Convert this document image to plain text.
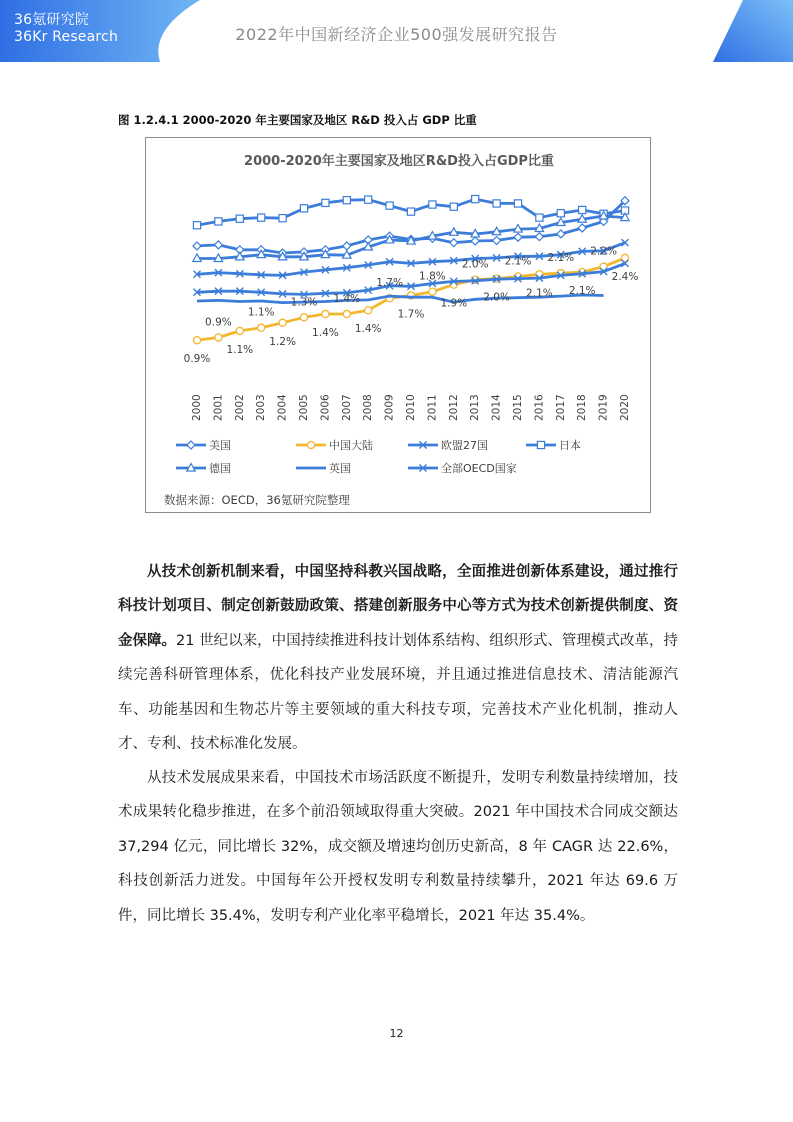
36氪研究院
36Kr Research	2022年中国新经济企业500强发展研究报告
图 1.2.4.1 2000-2020 年主要国家及地区 R&D 投入占 GDP 比重
2000-2020年主要国家及地区R&D投入占GDP比重
0.9%
0.9%
1.1%
1.1%
1.2%
1.3%
1.4%
1.4%
1.4%
1.7%
1.7%
1.8%
1.9%
2.0%
2.0%
2.1%
2.1%
2.1%
2.1%
2.2%
2.4%
2000 2001 2002 2003 2004 2005 2006 2007 2008 2009 2010 2011 2012 2013 2014 2015 2016 2017 2018 2019 2020
美国	中国大陆	欧盟27国	日本
德国	英国	全部OECD国家
数据来源：OECD，36氪研究院整理

从技术创新机制来看，中国坚持科教兴国战略，全面推进创新体系建设，通过推行科技计划项目、制定创新鼓励政策、搭建创新服务中心等方式为技术创新提供制度、资金保障。21 世纪以来，中国持续推进科技计划体系结构、组织形式、管理模式改革，持续完善科研管理体系，优化科技产业发展环境，并且通过推进信息技术、清洁能源汽车、功能基因和生物芯片等主要领域的重大科技专项，完善技术产业化机制，推动人才、专利、技术标准化发展。

从技术发展成果来看，中国技术市场活跃度不断提升，发明专利数量持续增加，技术成果转化稳步推进，在多个前沿领域取得重大突破。2021 年中国技术合同成交额达 37,294 亿元，同比增长 32%，成交额及增速均创历史新高，8 年 CAGR 达 22.6%，科技创新活力迸发。中国每年公开授权发明专利数量持续攀升，2021 年达 69.6 万件，同比增长 35.4%，发明专利产业化率平稳增长，2021 年达 35.4%。

12
